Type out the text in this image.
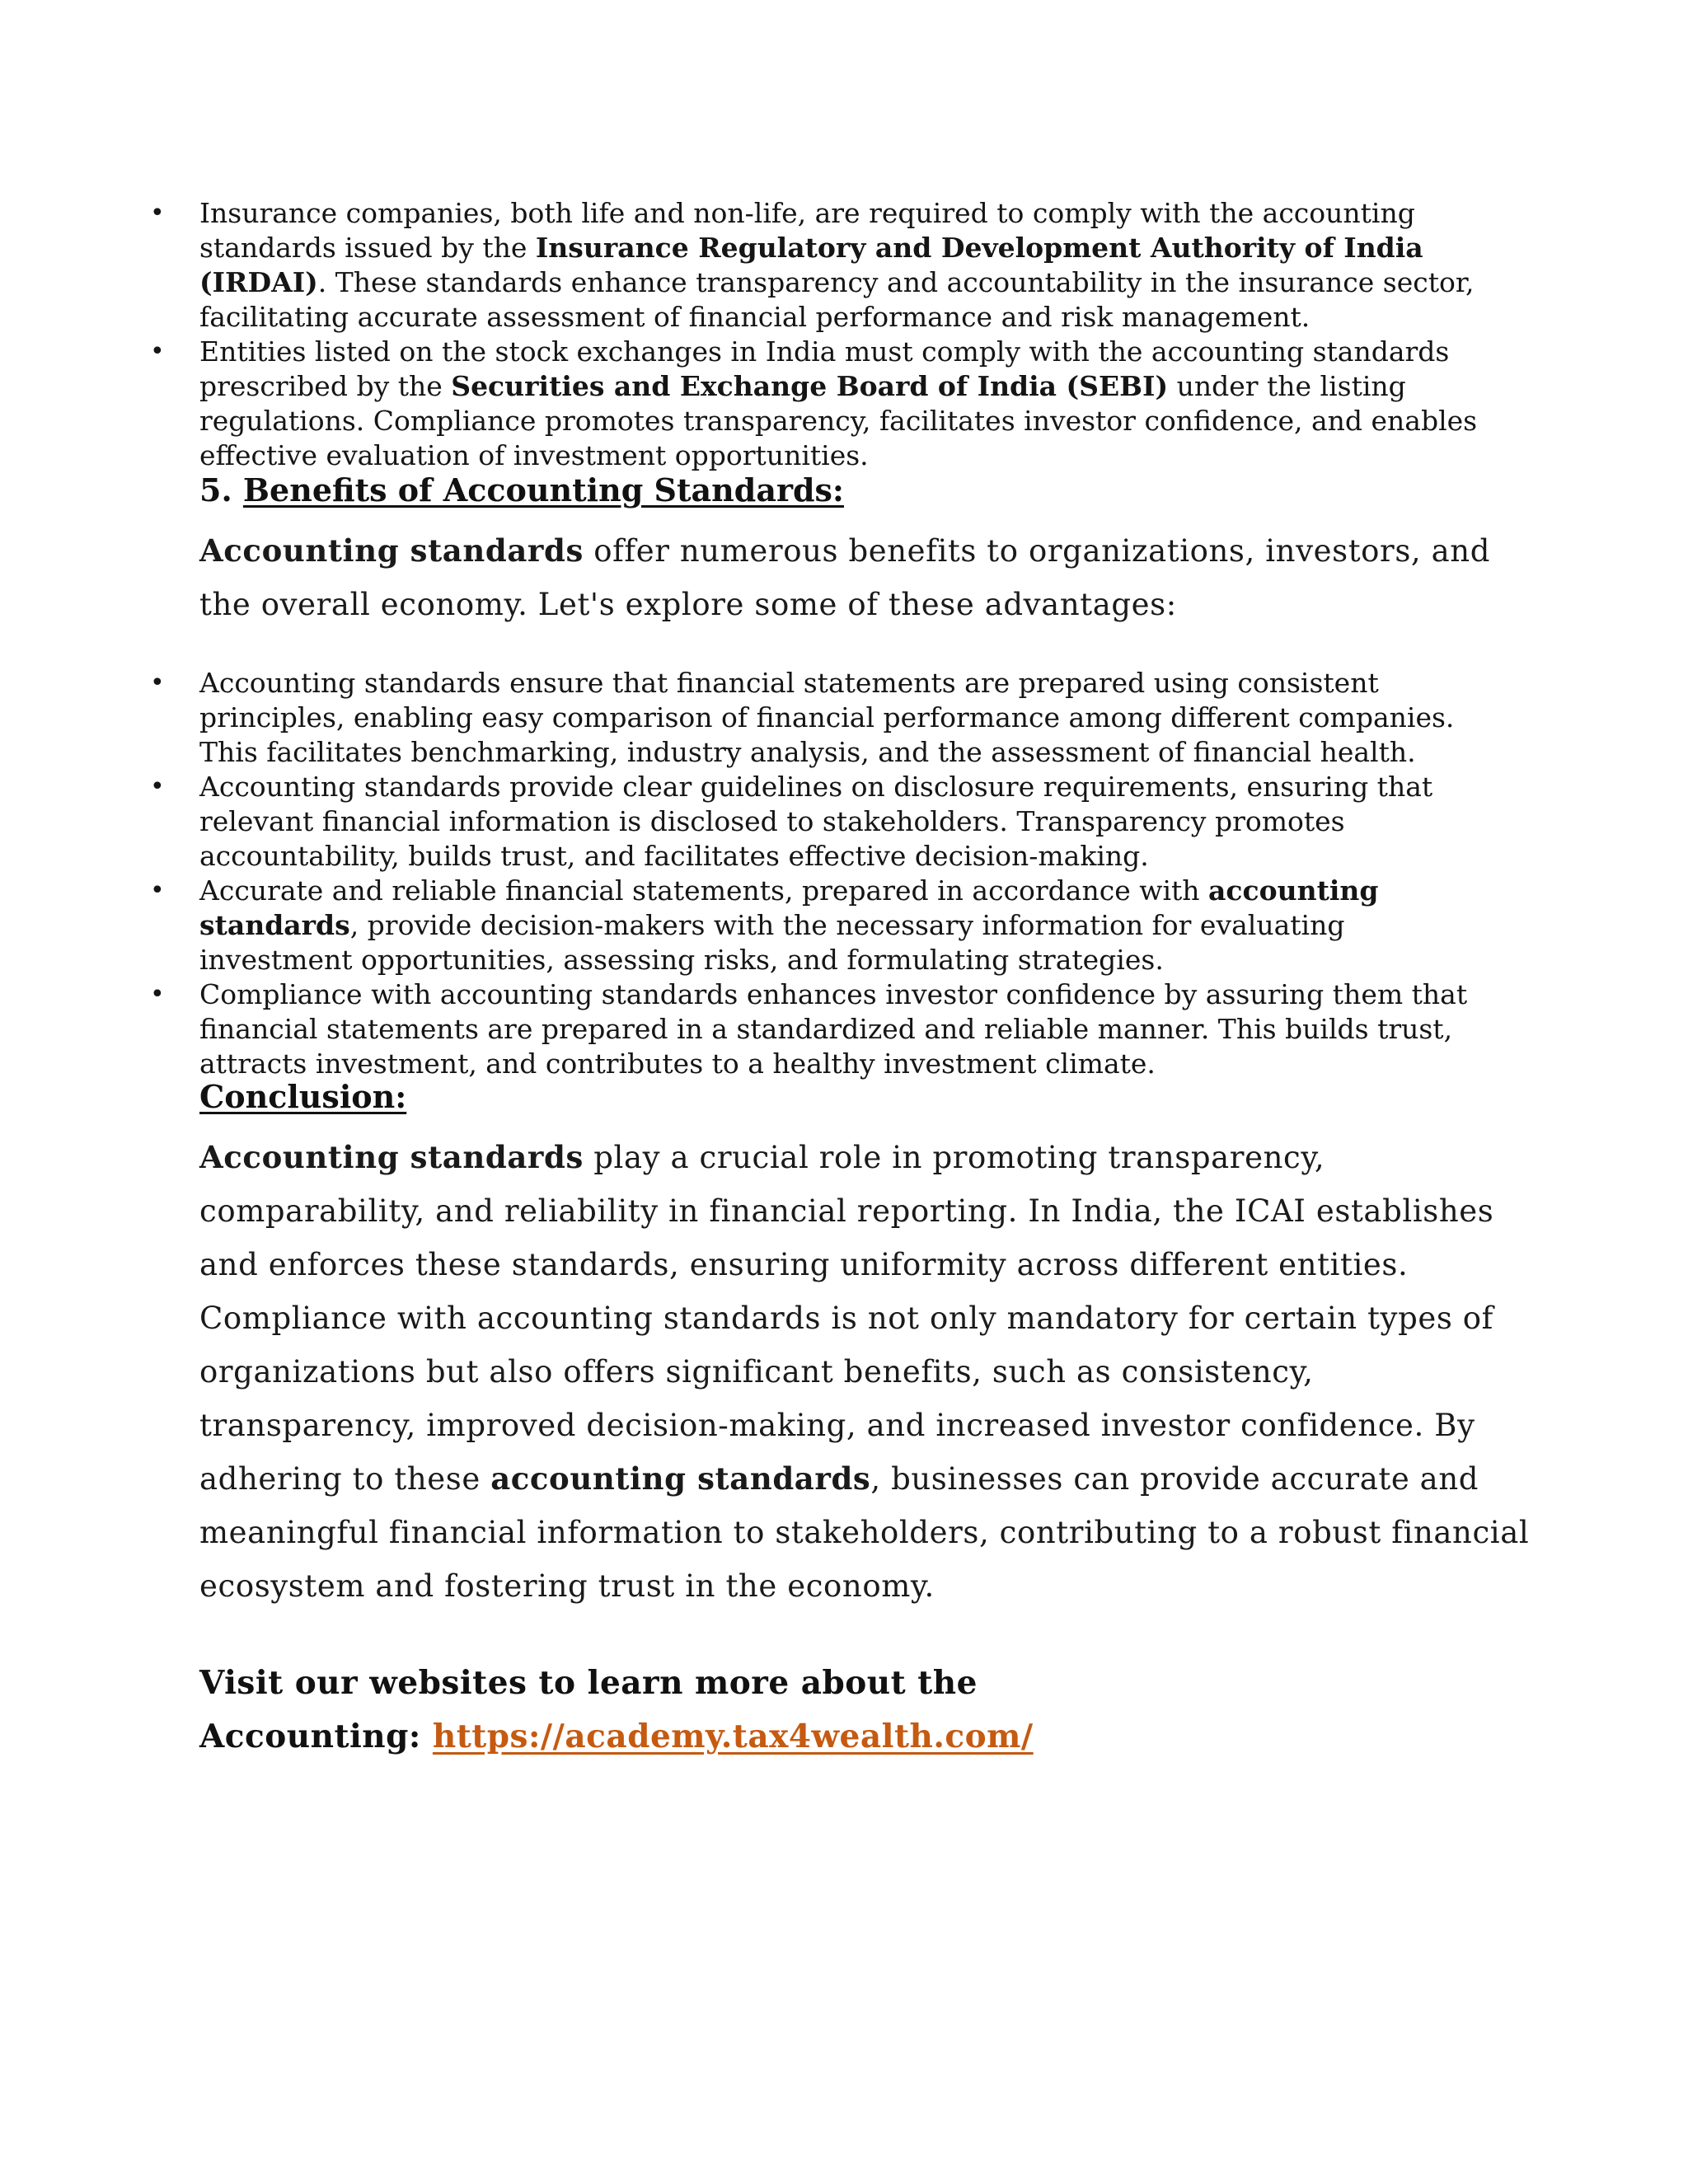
• Insurance companies, both life and non-life, are required to comply with the accounting standards issued by the Insurance Regulatory and Development Authority of India (IRDAI). These standards enhance transparency and accountability in the insurance sector, facilitating accurate assessment of financial performance and risk management.
• Entities listed on the stock exchanges in India must comply with the accounting standards prescribed by the Securities and Exchange Board of India (SEBI) under the listing regulations. Compliance promotes transparency, facilitates investor confidence, and enables effective evaluation of investment opportunities.
5. Benefits of Accounting Standards:
Accounting standards offer numerous benefits to organizations, investors, and the overall economy. Let's explore some of these advantages:
• Accounting standards ensure that financial statements are prepared using consistent principles, enabling easy comparison of financial performance among different companies. This facilitates benchmarking, industry analysis, and the assessment of financial health.
• Accounting standards provide clear guidelines on disclosure requirements, ensuring that relevant financial information is disclosed to stakeholders. Transparency promotes accountability, builds trust, and facilitates effective decision-making.
• Accurate and reliable financial statements, prepared in accordance with accounting standards, provide decision-makers with the necessary information for evaluating investment opportunities, assessing risks, and formulating strategies.
• Compliance with accounting standards enhances investor confidence by assuring them that financial statements are prepared in a standardized and reliable manner. This builds trust, attracts investment, and contributes to a healthy investment climate.
Conclusion:
Accounting standards play a crucial role in promoting transparency, comparability, and reliability in financial reporting. In India, the ICAI establishes and enforces these standards, ensuring uniformity across different entities. Compliance with accounting standards is not only mandatory for certain types of organizations but also offers significant benefits, such as consistency, transparency, improved decision-making, and increased investor confidence. By adhering to these accounting standards, businesses can provide accurate and meaningful financial information to stakeholders, contributing to a robust financial ecosystem and fostering trust in the economy.
Visit our websites to learn more about the
Accounting: https://academy.tax4wealth.com/
